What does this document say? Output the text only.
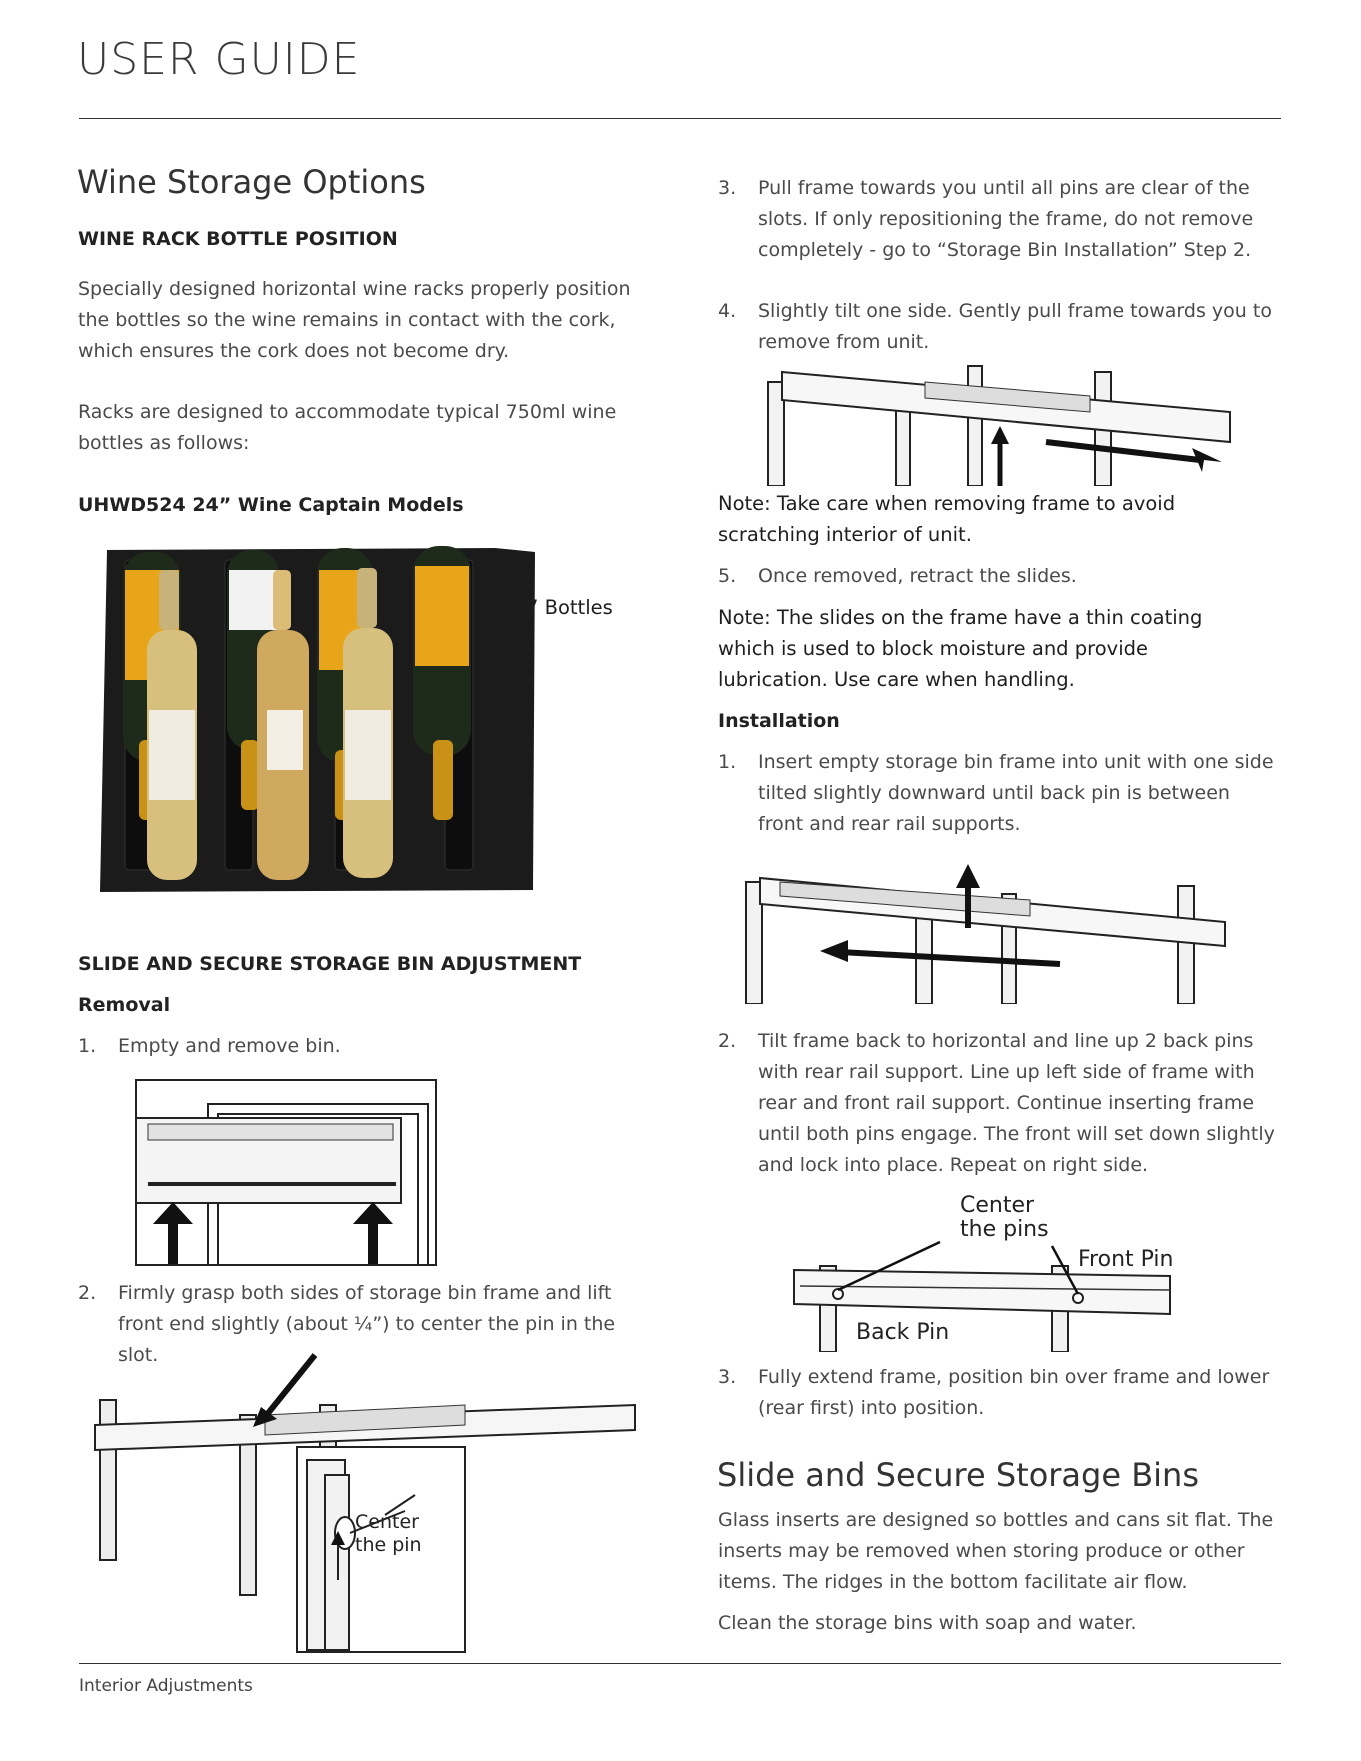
USER GUIDE
Wine Storage Options
WINE RACK BOTTLE POSITION
Specially designed horizontal wine racks properly position the bottles so the wine remains in contact with the cork, which ensures the cork does not become dry.
Racks are designed to accommodate typical 750ml wine bottles as follows:
UHWD524 24” Wine Captain Models
7 Bottles
SLIDE AND SECURE STORAGE BIN ADJUSTMENT
Removal
1. Empty and remove bin.
2. Firmly grasp both sides of storage bin frame and lift front end slightly (about ¼”) to center the pin in the slot.
Center
the pin
3. Pull frame towards you until all pins are clear of the slots. If only repositioning the frame, do not remove completely - go to “Storage Bin Installation” Step 2.
4. Slightly tilt one side. Gently pull frame towards you to remove from unit.
Note: Take care when removing frame to avoid scratching interior of unit.
5. Once removed, retract the slides.
Note: The slides on the frame have a thin coating which is used to block moisture and provide lubrication. Use care when handling.
Installation
1. Insert empty storage bin frame into unit with one side tilted slightly downward until back pin is between front and rear rail supports.
2. Tilt frame back to horizontal and line up 2 back pins with rear rail support. Line up left side of frame with rear and front rail support. Continue inserting frame until both pins engage. The front will set down slightly and lock into place. Repeat on right side.
Center
the pins
Front Pin
Back Pin
3. Fully extend frame, position bin over frame and lower (rear first) into position.
Slide and Secure Storage Bins
Glass inserts are designed so bottles and cans sit flat. The inserts may be removed when storing produce or other items. The ridges in the bottom facilitate air flow.
Clean the storage bins with soap and water.
Interior Adjustments
